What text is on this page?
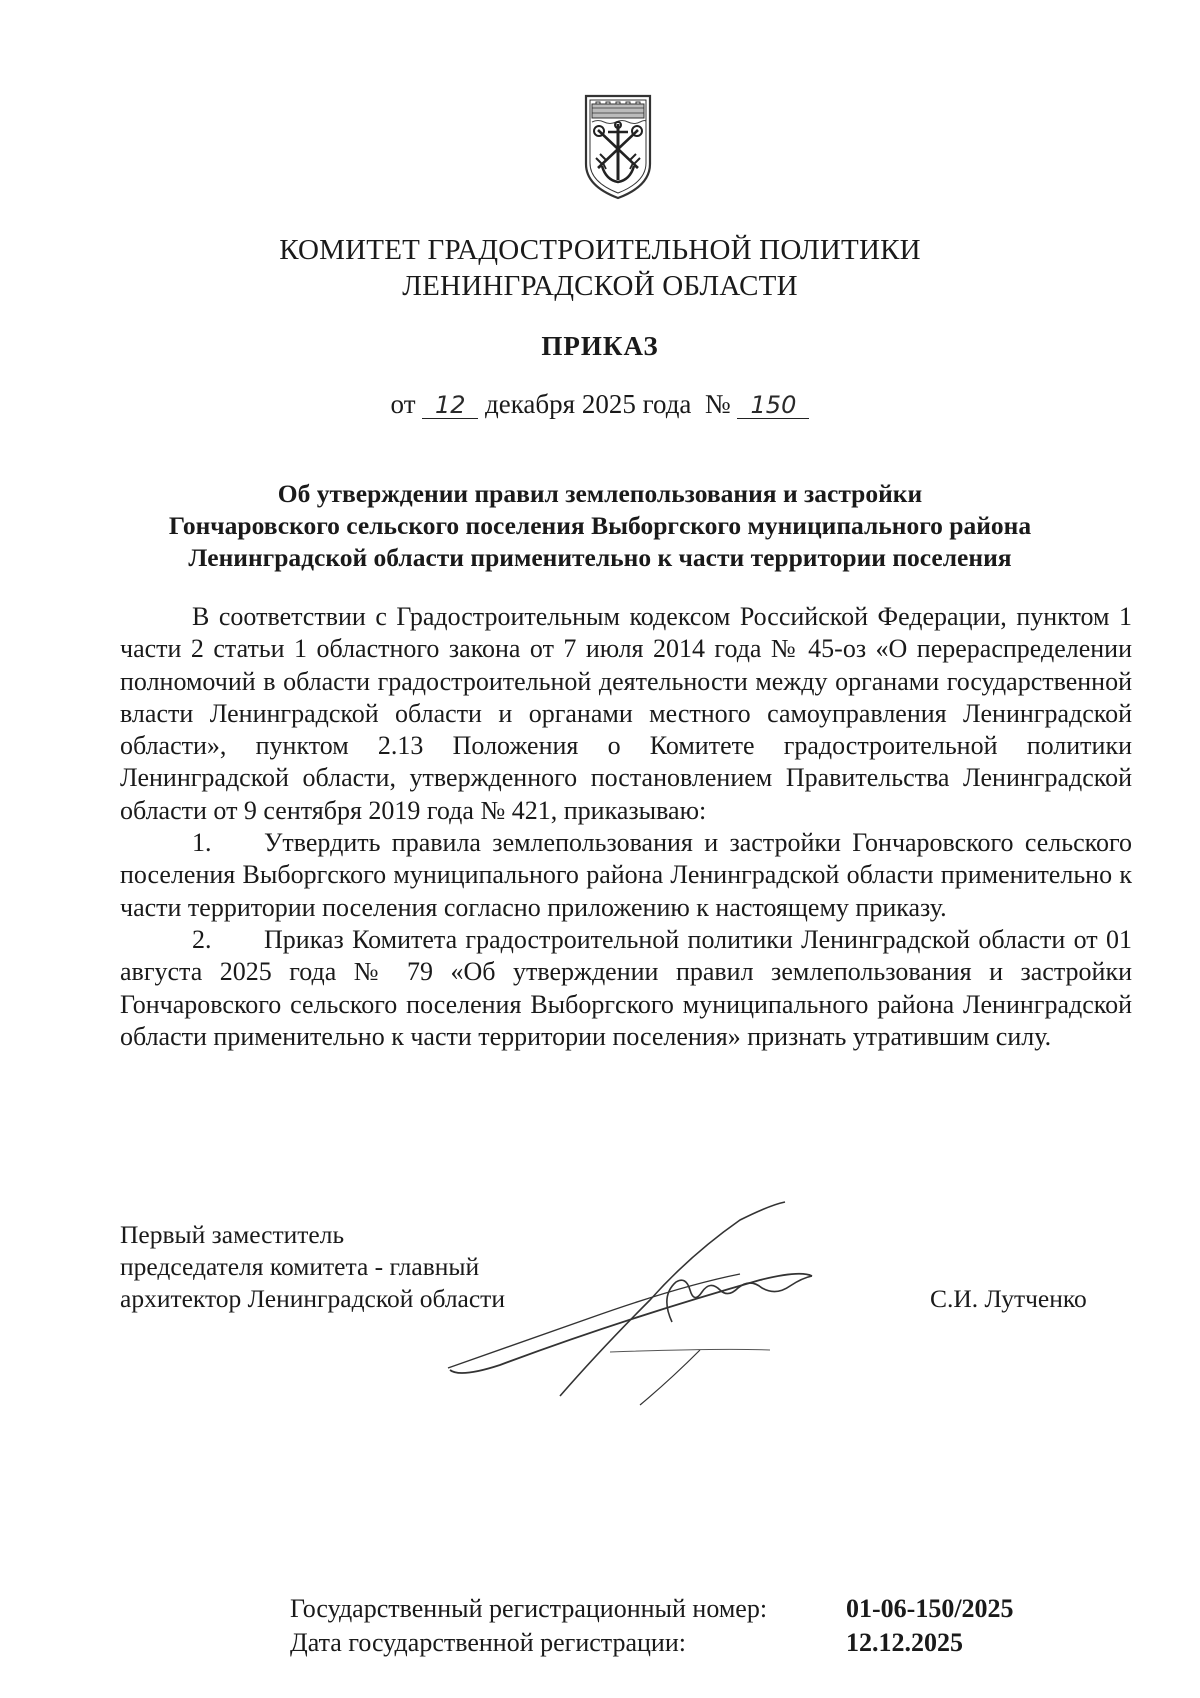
КОМИТЕТ ГРАДОСТРОИТЕЛЬНОЙ ПОЛИТИКИ
ЛЕНИНГРАДСКОЙ ОБЛАСТИ
ПРИКАЗ
от 12 декабря 2025 года № 150
Об утверждении правил землепользования и застройки
Гончаровского сельского поселения Выборгского муниципального района
Ленинградской области применительно к части территории поселения

В соответствии с Градостроительным кодексом Российской Федерации, пунктом 1 части 2 статьи 1 областного закона от 7 июля 2014 года № 45-оз «О перераспределении полномочий в области градостроительной деятельности между органами государственной власти Ленинградской области и органами местного самоуправления Ленинградской области», пунктом 2.13 Положения о Комитете градостроительной политики Ленинградской области, утвержденного постановлением Правительства Ленинградской области от 9 сентября 2019 года № 421, приказываю:

1. Утвердить правила землепользования и застройки Гончаровского сельского поселения Выборгского муниципального района Ленинградской области применительно к части территории поселения согласно приложению к настоящему приказу.

2. Приказ Комитета градостроительной политики Ленинградской области от 01 августа 2025 года № 79 «Об утверждении правил землепользования и застройки Гончаровского сельского поселения Выборгского муниципального района Ленинградской области применительно к части территории поселения» признать утратившим силу.

Первый заместитель
председателя комитета - главный
архитектор Ленинградской области	С.И. Лутченко
Государственный регистрационный номер:	01-06-150/2025
Дата государственной регистрации:	12.12.2025
